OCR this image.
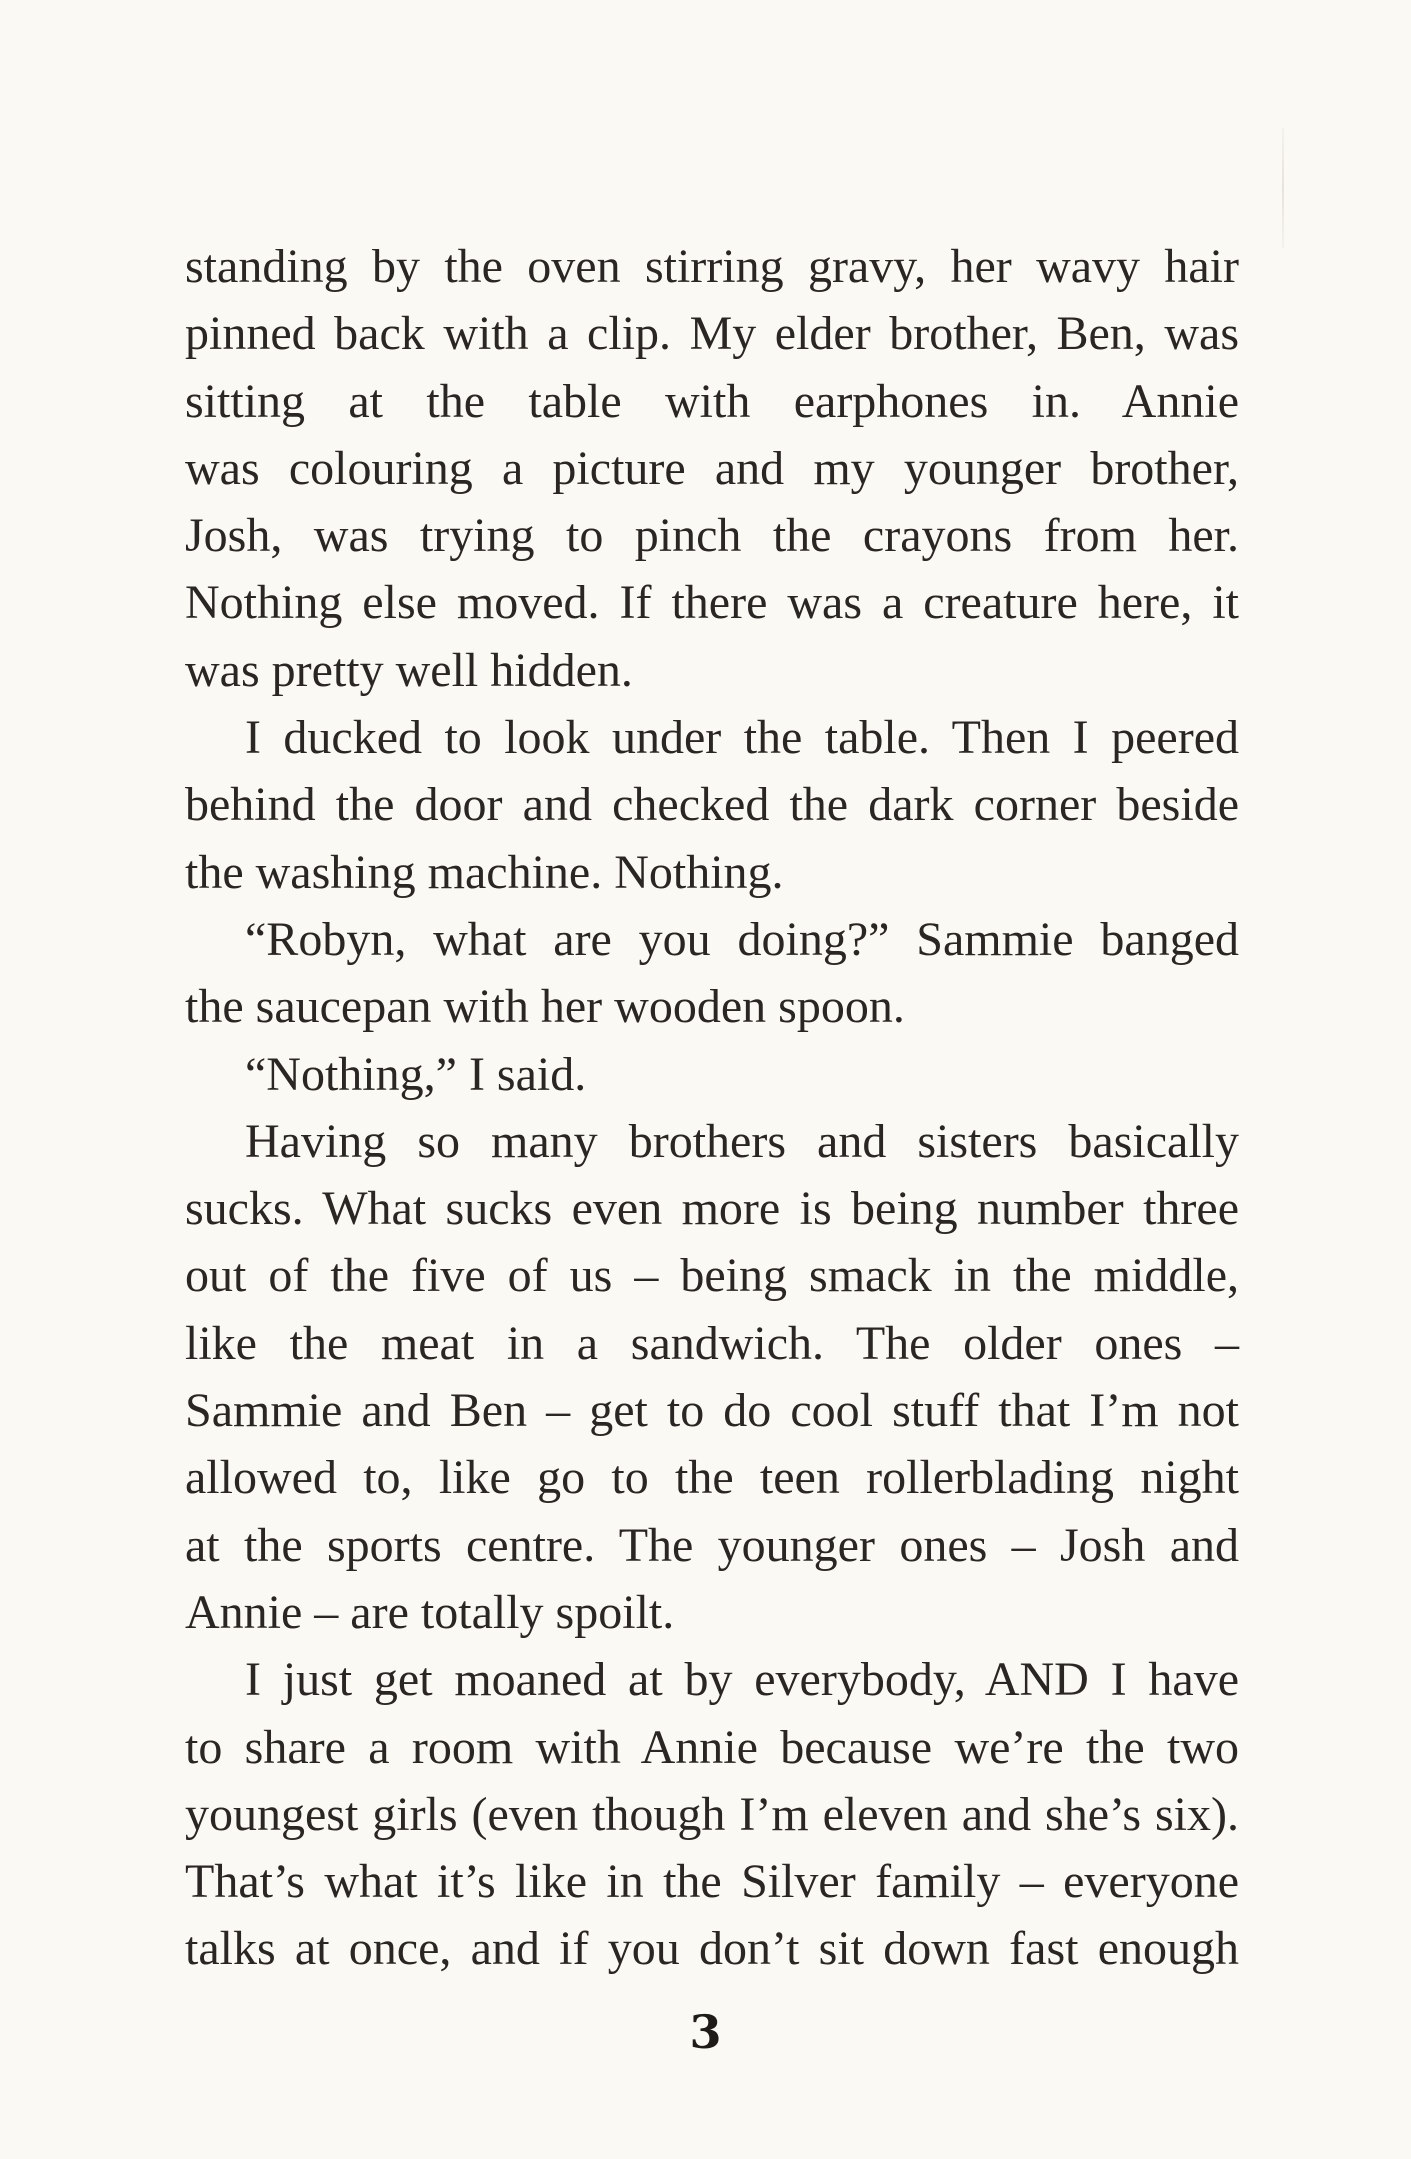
standing by the oven stirring gravy, her wavy hair
pinned back with a clip. My elder brother, Ben, was
sitting at the table with earphones in. Annie
was colouring a picture and my younger brother,
Josh, was trying to pinch the crayons from her.
Nothing else moved. If there was a creature here, it
was pretty well hidden.

I ducked to look under the table. Then I peered
behind the door and checked the dark corner beside
the washing machine. Nothing.

“Robyn, what are you doing?” Sammie banged
the saucepan with her wooden spoon.

“Nothing,” I said.

Having so many brothers and sisters basically
sucks. What sucks even more is being number three
out of the five of us – being smack in the middle,
like the meat in a sandwich. The older ones –
Sammie and Ben – get to do cool stuff that I’m not
allowed to, like go to the teen rollerblading night
at the sports centre. The younger ones – Josh and
Annie – are totally spoilt.

I just get moaned at by everybody, AND I have
to share a room with Annie because we’re the two
youngest girls (even though I’m eleven and she’s six).
That’s what it’s like in the Silver family – everyone
talks at once, and if you don’t sit down fast enough

3
